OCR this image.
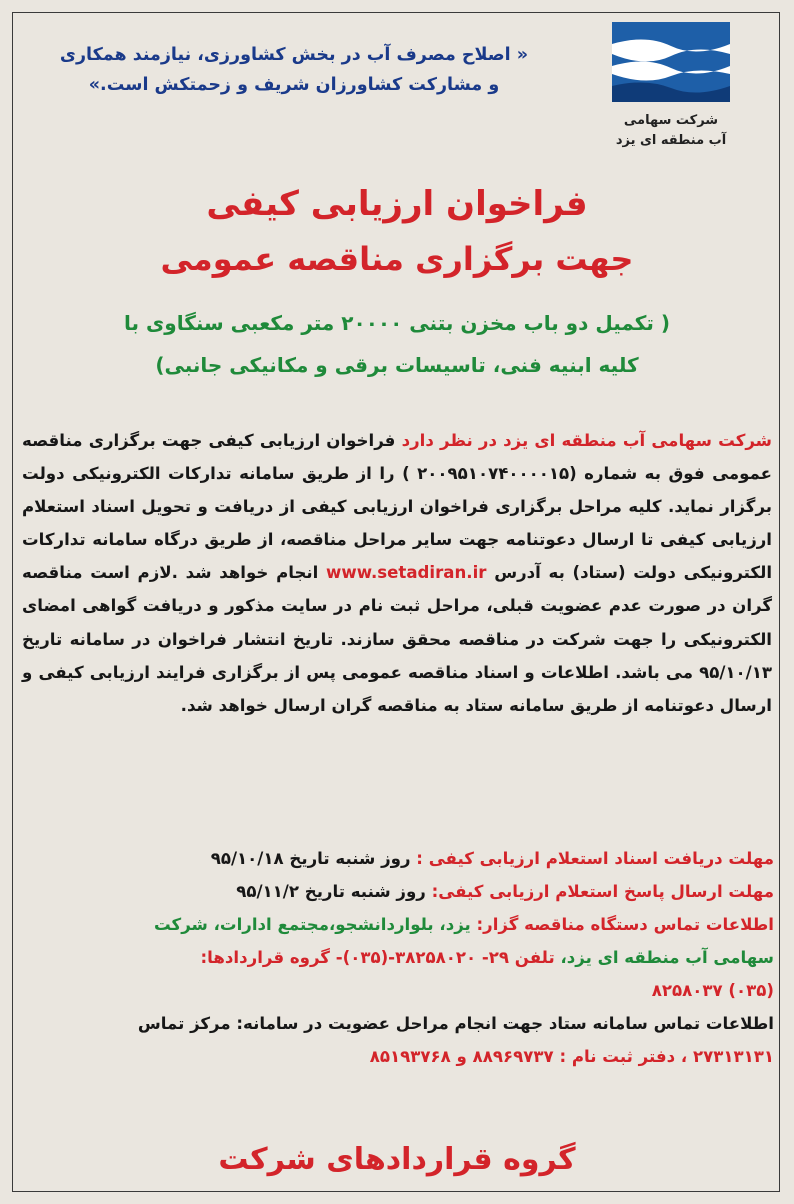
شرکت سهامی
آب منطقه ای یزد
« اصلاح مصرف آب در بخش کشاورزی، نیازمند همکاری
و مشارکت کشاورزان شریف و زحمتکش است.»
فراخوان ارزیابی کیفی
جهت برگزاری مناقصه عمومی
( تکمیل دو باب مخزن بتنی ۲۰۰۰۰ متر مکعبی سنگاوی با
کلیه ابنیه فنی، تاسیسات برقی و مکانیکی جانبی)
شرکت سهامی آب منطقه ای یزد در نظر دارد فراخوان ارزیابی کیفی جهت برگزاری مناقصه عمومی فوق به شماره (۲۰۰۹۵۱۰۷۴۰۰۰۰۱۵ ) را از طریق سامانه تدارکات الکترونیکی دولت برگزار نماید. کلیه مراحل برگزاری فراخوان ارزیابی کیفی از دریافت و تحویل اسناد استعلام ارزیابی کیفی تا ارسال دعوتنامه جهت سایر مراحل مناقصه، از طریق درگاه سامانه تدارکات الکترونیکی دولت (ستاد) به آدرس www.setadiran.ir انجام خواهد شد .لازم است مناقصه گران در صورت عدم عضویت قبلی، مراحل ثبت نام در سایت مذکور و دریافت گواهی امضای الکترونیکی را جهت شرکت در مناقصه محقق سازند. تاریخ انتشار فراخوان در سامانه تاریخ ۹۵/۱۰/۱۳ می باشد. اطلاعات و اسناد مناقصه عمومی پس از برگزاری فرایند ارزیابی کیفی و ارسال دعوتنامه از طریق سامانه ستاد به مناقصه گران ارسال خواهد شد.
مهلت دریافت اسناد استعلام ارزیابی کیفی : روز شنبه تاریخ ۹۵/۱۰/۱۸
مهلت ارسال پاسخ استعلام ارزیابی کیفی: روز شنبه تاریخ ۹۵/۱۱/۲
اطلاعات تماس دستگاه مناقصه گزار: یزد، بلواردانشجو،مجتمع ادارات، شرکت
سهامی آب منطقه ای یزد، تلفن ۲۹- ۳۸۲۵۸۰۲۰-(۰۳۵)- گروه قراردادها:
(۰۳۵) ۸۲۵۸۰۳۷
اطلاعات تماس سامانه ستاد جهت انجام مراحل عضویت در سامانه: مرکز تماس
۲۷۳۱۳۱۳۱ ، دفتر ثبت نام : ۸۸۹۶۹۷۳۷ و ۸۵۱۹۳۷۶۸
گروه قراردادهای شرکت
